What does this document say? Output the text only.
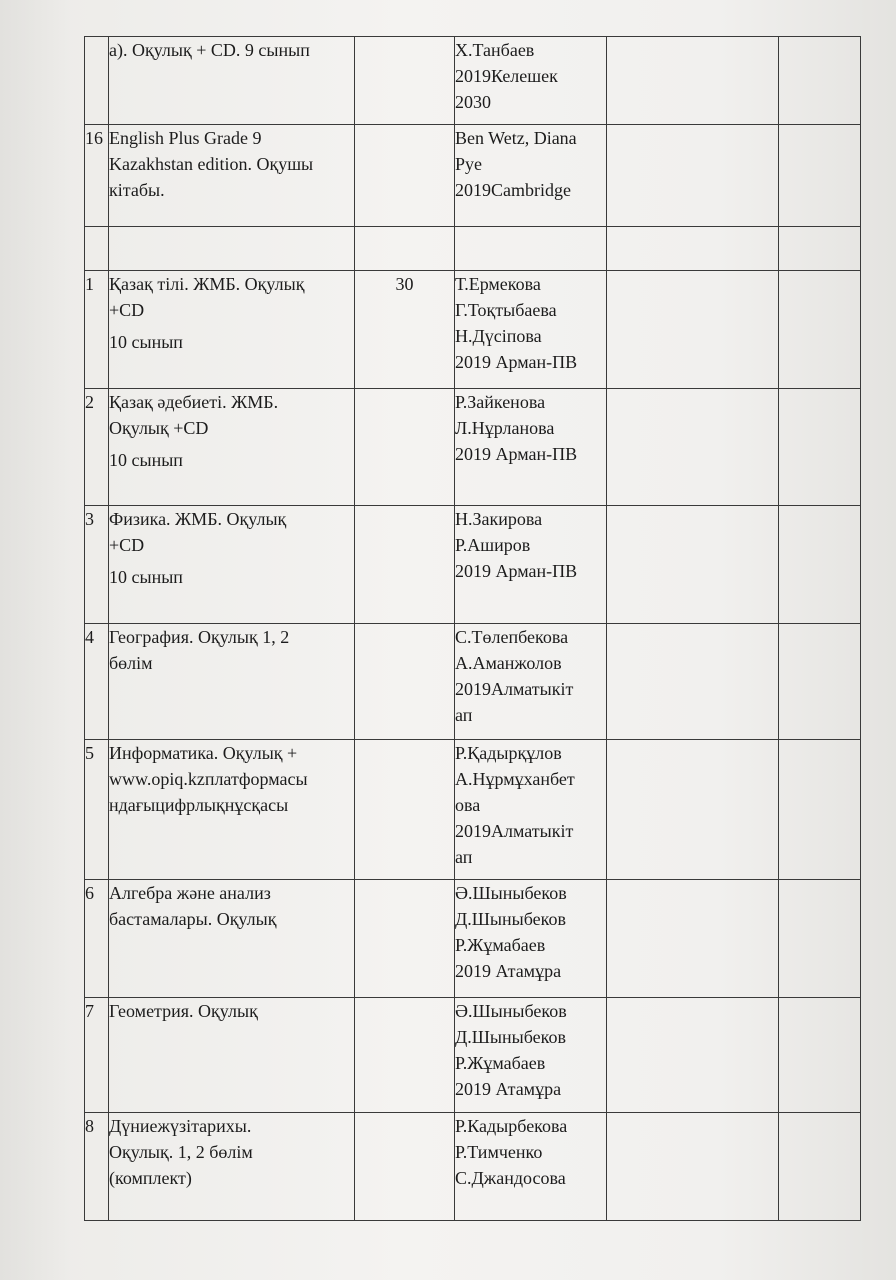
	а). Оқулық + CD. 9 сынып		Х.Танбаев
2019Келешек
2030		

16	English Plus Grade 9
Kazakhstan edition. Оқушы
кітабы.		Ben Wetz, Diana
Pye
2019Cambridge		

1	Қазақ тілі. ЖМБ. Оқулық
+CD
10 сынып	30	Т.Ермекова
Г.Тоқтыбаева
Н.Дүсіпова
2019 Арман-ПВ		

2	Қазақ әдебиеті. ЖМБ.
Оқулық +CD
10 сынып		Р.Зайкенова
Л.Нұрланова
2019 Арман-ПВ		

3	Физика. ЖМБ. Оқулық
+CD
10 сынып		Н.Закирова
Р.Аширов
2019 Арман-ПВ		

4	География. Оқулық 1, 2
бөлім		С.Төлепбекова
А.Аманжолов
2019Алматыкіт
ап		

5	Информатика. Оқулық +
www.opiq.kzплатформасы
ндағыцифрлықнұсқасы		Р.Қадырқұлов
А.Нұрмұханбет
ова
2019Алматыкіт
ап		

6	Алгебра және анализ
бастамалары. Оқулық		Ә.Шыныбеков
Д.Шыныбеков
Р.Жұмабаев
2019 Атамұра		

7	Геометрия. Оқулық		Ә.Шыныбеков
Д.Шыныбеков
Р.Жұмабаев
2019 Атамұра		

8	Дүниежүзітарихы.
Оқулық. 1, 2 бөлім
(комплект)		Р.Кадырбекова
Р.Тимченко
С.Джандосова		
